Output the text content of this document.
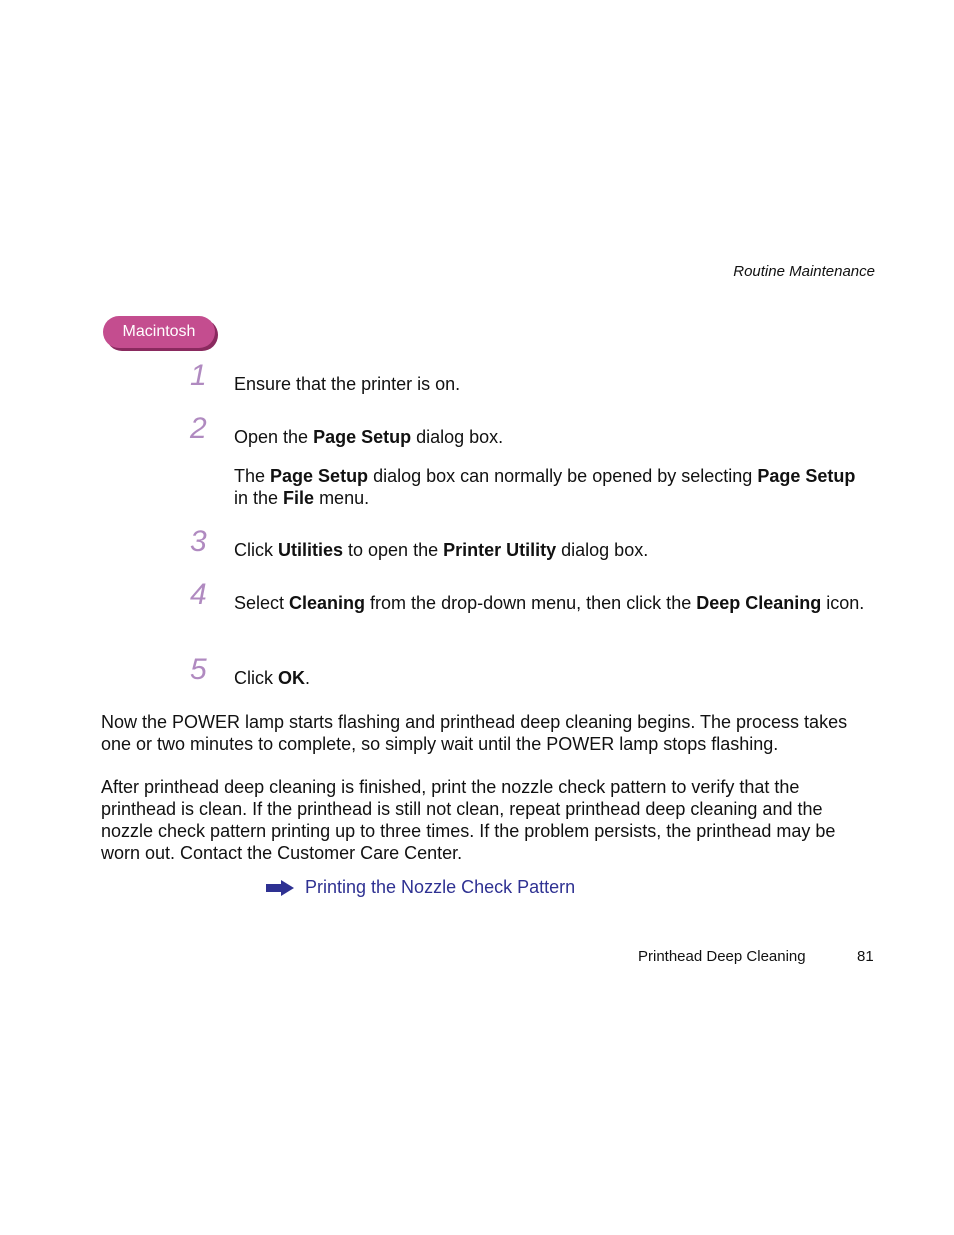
Routine Maintenance
Macintosh
1 Ensure that the printer is on.
2 Open the Page Setup dialog box.
The Page Setup dialog box can normally be opened by selecting Page Setup in the File menu.
3 Click Utilities to open the Printer Utility dialog box.
4 Select Cleaning from the drop-down menu, then click the Deep Cleaning icon.
5 Click OK.
Now the POWER lamp starts flashing and printhead deep cleaning begins. The process takes one or two minutes to complete, so simply wait until the POWER lamp stops flashing.
After printhead deep cleaning is finished, print the nozzle check pattern to verify that the printhead is clean. If the printhead is still not clean, repeat printhead deep cleaning and the nozzle check pattern printing up to three times. If the problem persists, the printhead may be worn out. Contact the Customer Care Center.
Printing the Nozzle Check Pattern
Printhead Deep Cleaning	81
